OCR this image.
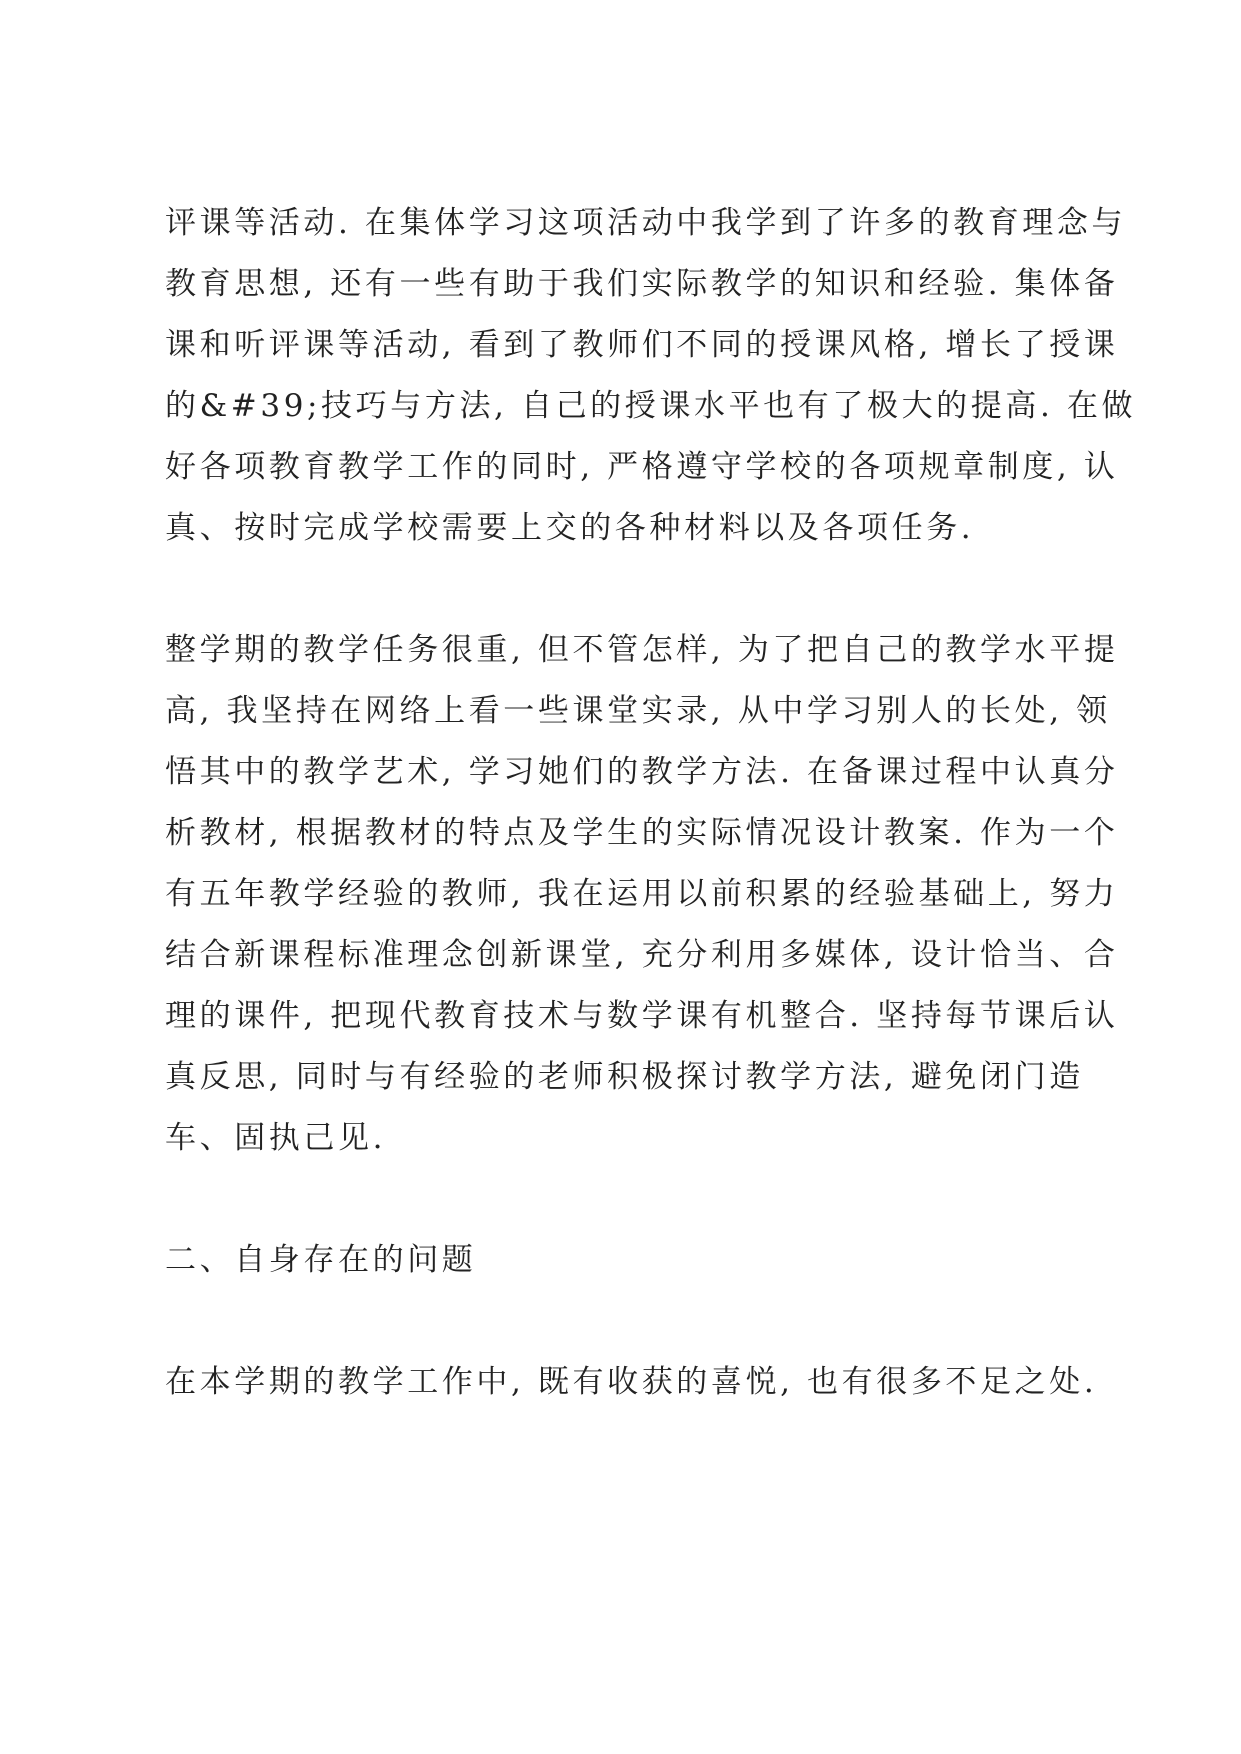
评课等活动. 在集体学习这项活动中我学到了许多的教育理念与
教育思想, 还有一些有助于我们实际教学的知识和经验. 集体备
课和听评课等活动, 看到了教师们不同的授课风格, 增长了授课
的&#39;技巧与方法, 自己的授课水平也有了极大的提高. 在做
好各项教育教学工作的同时, 严格遵守学校的各项规章制度, 认
真、按时完成学校需要上交的各种材料以及各项任务.
整学期的教学任务很重, 但不管怎样, 为了把自己的教学水平提
高, 我坚持在网络上看一些课堂实录, 从中学习别人的长处, 领
悟其中的教学艺术, 学习她们的教学方法. 在备课过程中认真分
析教材, 根据教材的特点及学生的实际情况设计教案. 作为一个
有五年教学经验的教师, 我在运用以前积累的经验基础上, 努力
结合新课程标准理念创新课堂, 充分利用多媒体, 设计恰当、合
理的课件, 把现代教育技术与数学课有机整合. 坚持每节课后认
真反思, 同时与有经验的老师积极探讨教学方法, 避免闭门造
车、固执己见.
二、自身存在的问题
在本学期的教学工作中, 既有收获的喜悦, 也有很多不足之处.
